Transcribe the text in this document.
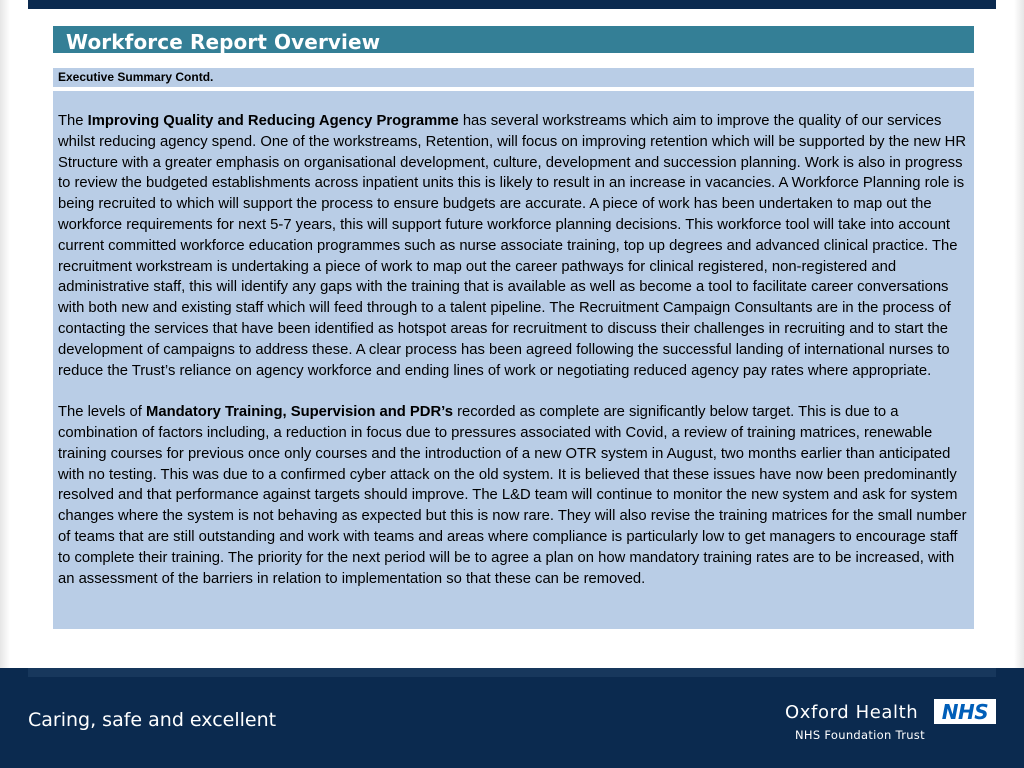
Workforce Report Overview
Executive Summary Contd.

The Improving Quality and Reducing Agency Programme has several workstreams which aim to improve the quality of our services whilst reducing agency spend. One of the workstreams, Retention, will focus on improving retention which will be supported by the new HR Structure with a greater emphasis on organisational development, culture, development and succession planning. Work is also in progress to review the budgeted establishments across inpatient units this is likely to result in an increase in vacancies. A Workforce Planning role is being recruited to which will support the process to ensure budgets are accurate. A piece of work has been undertaken to map out the workforce requirements for next 5-7 years, this will support future workforce planning decisions. This workforce tool will take into account current committed workforce education programmes such as nurse associate training, top up degrees and advanced clinical practice. The recruitment workstream is undertaking a piece of work to map out the career pathways for clinical registered, non-registered and administrative staff, this will identify any gaps with the training that is available as well as become a tool to facilitate career conversations with both new and existing staff which will feed through to a talent pipeline. The Recruitment Campaign Consultants are in the process of contacting the services that have been identified as hotspot areas for recruitment to discuss their challenges in recruiting and to start the development of campaigns to address these. A clear process has been agreed following the successful landing of international nurses to reduce the Trust’s reliance on agency workforce and ending lines of work or negotiating reduced agency pay rates where appropriate.

The levels of Mandatory Training, Supervision and PDR’s recorded as complete are significantly below target. This is due to a combination of factors including, a reduction in focus due to pressures associated with Covid, a review of training matrices, renewable training courses for previous once only courses and the introduction of a new OTR system in August, two months earlier than anticipated with no testing. This was due to a confirmed cyber attack on the old system. It is believed that these issues have now been predominantly resolved and that performance against targets should improve. The L&D team will continue to monitor the new system and ask for system changes where the system is not behaving as expected but this is now rare. They will also revise the training matrices for the small number of teams that are still outstanding and work with teams and areas where compliance is particularly low to get managers to encourage staff to complete their training. The priority for the next period will be to agree a plan on how mandatory training rates are to be increased, with an assessment of the barriers in relation to implementation so that these can be removed.

Caring, safe and excellent	Oxford Health
NHS Foundation Trust
NHS
